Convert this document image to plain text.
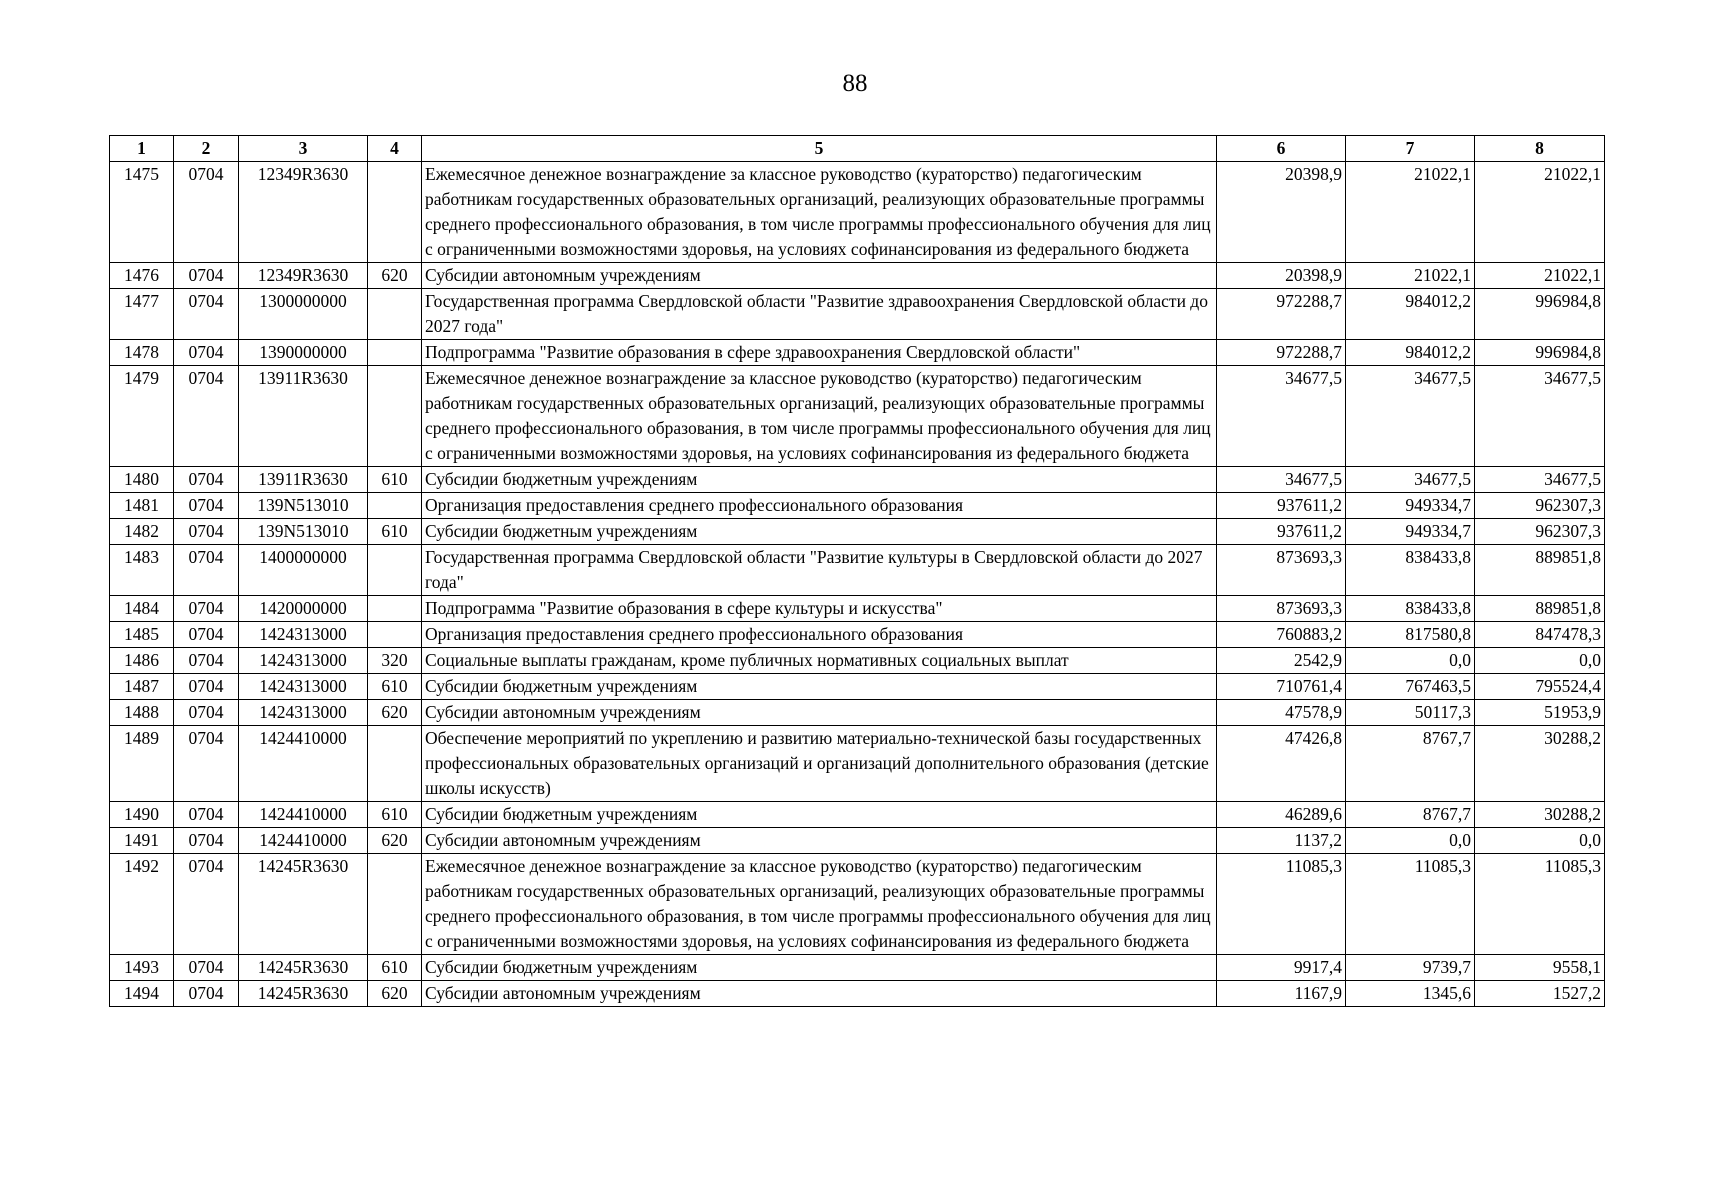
88
1	2	3	4	5	6	7	8
1475	0704	12349R3630		Ежемесячное денежное вознаграждение за классное руководство (кураторство) педагогическим работникам государственных образовательных организаций, реализующих образовательные программы среднего профессионального образования, в том числе программы профессионального обучения для лиц с ограниченными возможностями здоровья, на условиях софинансирования из федерального бюджета	20398,9	21022,1	21022,1
1476	0704	12349R3630	620	Субсидии автономным учреждениям	20398,9	21022,1	21022,1
1477	0704	1300000000		Государственная программа Свердловской области "Развитие здравоохранения Свердловской области до 2027 года"	972288,7	984012,2	996984,8
1478	0704	1390000000		Подпрограмма "Развитие образования в сфере здравоохранения Свердловской области"	972288,7	984012,2	996984,8
1479	0704	13911R3630		Ежемесячное денежное вознаграждение за классное руководство (кураторство) педагогическим работникам государственных образовательных организаций, реализующих образовательные программы среднего профессионального образования, в том числе программы профессионального обучения для лиц с ограниченными возможностями здоровья, на условиях софинансирования из федерального бюджета	34677,5	34677,5	34677,5
1480	0704	13911R3630	610	Субсидии бюджетным учреждениям	34677,5	34677,5	34677,5
1481	0704	139N513010		Организация предоставления среднего профессионального образования	937611,2	949334,7	962307,3
1482	0704	139N513010	610	Субсидии бюджетным учреждениям	937611,2	949334,7	962307,3
1483	0704	1400000000		Государственная программа Свердловской области "Развитие культуры в Свердловской области до 2027 года"	873693,3	838433,8	889851,8
1484	0704	1420000000		Подпрограмма "Развитие образования в сфере культуры и искусства"	873693,3	838433,8	889851,8
1485	0704	1424313000		Организация предоставления среднего профессионального образования	760883,2	817580,8	847478,3
1486	0704	1424313000	320	Социальные выплаты гражданам, кроме публичных нормативных социальных выплат	2542,9	0,0	0,0
1487	0704	1424313000	610	Субсидии бюджетным учреждениям	710761,4	767463,5	795524,4
1488	0704	1424313000	620	Субсидии автономным учреждениям	47578,9	50117,3	51953,9
1489	0704	1424410000		Обеспечение мероприятий по укреплению и развитию материально-технической базы государственных профессиональных образовательных организаций и организаций дополнительного образования (детские школы искусств)	47426,8	8767,7	30288,2
1490	0704	1424410000	610	Субсидии бюджетным учреждениям	46289,6	8767,7	30288,2
1491	0704	1424410000	620	Субсидии автономным учреждениям	1137,2	0,0	0,0
1492	0704	14245R3630		Ежемесячное денежное вознаграждение за классное руководство (кураторство) педагогическим работникам государственных образовательных организаций, реализующих образовательные программы среднего профессионального образования, в том числе программы профессионального обучения для лиц с ограниченными возможностями здоровья, на условиях софинансирования из федерального бюджета	11085,3	11085,3	11085,3
1493	0704	14245R3630	610	Субсидии бюджетным учреждениям	9917,4	9739,7	9558,1
1494	0704	14245R3630	620	Субсидии автономным учреждениям	1167,9	1345,6	1527,2
